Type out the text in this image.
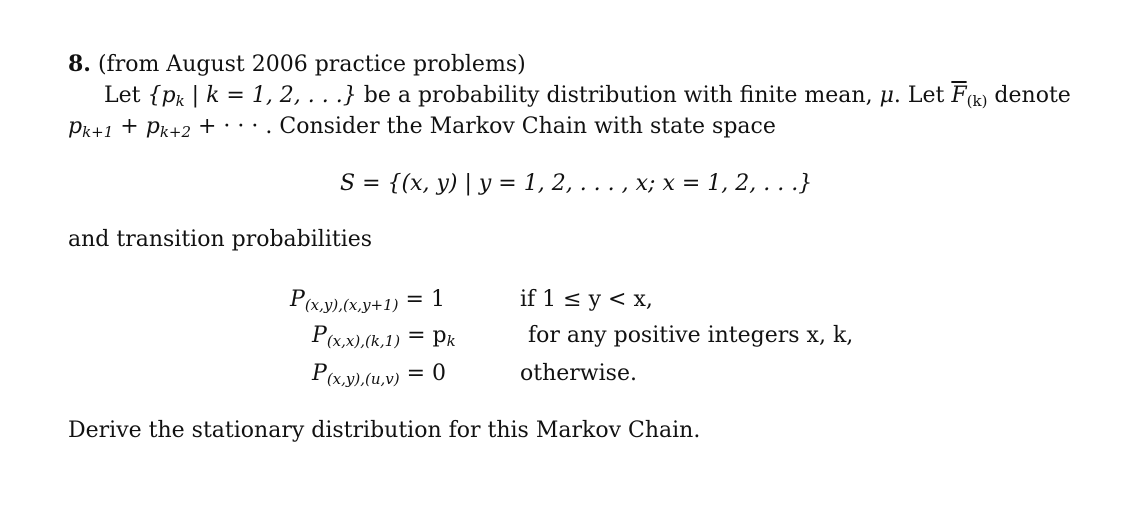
8. (from August 2006 practice problems)
Let {pk | k = 1, 2, . . .} be a probability distribution with finite mean, μ. Let $\overline{F}_{(k)}$ denote
pk+1 + pk+2 + · · · . Consider the Markov Chain with state space
S = {(x, y) | y = 1, 2, . . . , x; x = 1, 2, . . .}
and transition probabilities
P(x,y),(x,y+1) = 1	if 1 ≤ y < x,
P(x,x),(k,1) = pk	for any positive integers x, k,
P(x,y),(u,v) = 0	otherwise.
Derive the stationary distribution for this Markov Chain.
